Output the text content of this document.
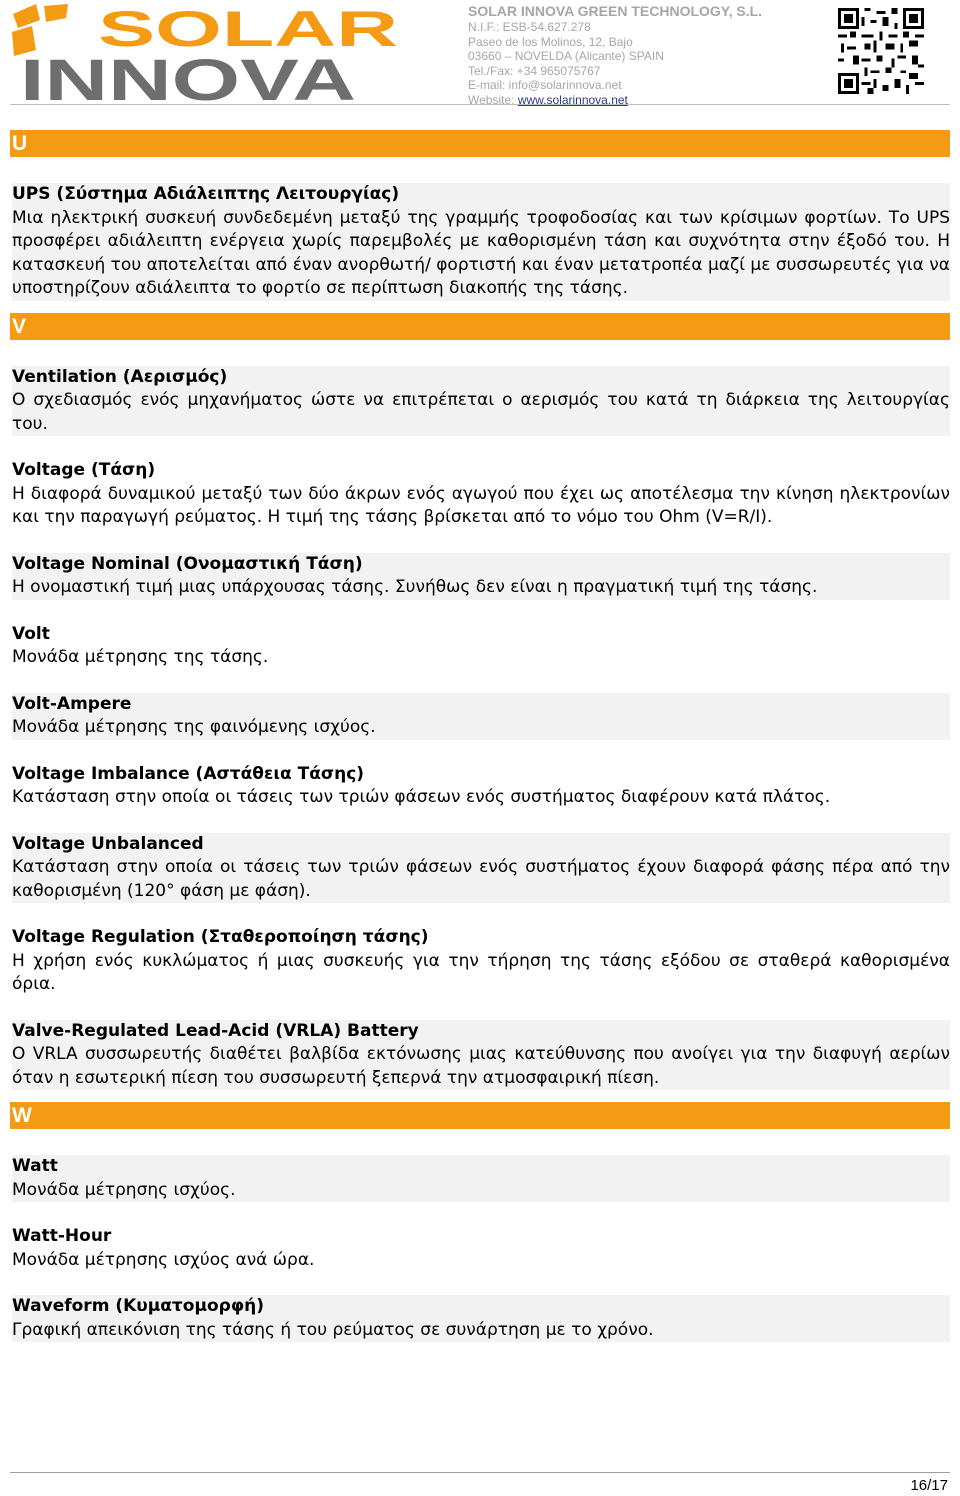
SOLAR
INNOVA
SOLAR INNOVA GREEN TECHNOLOGY, S.L.
N.I.F.: ESB-54.627.278
Paseo de los Molinos, 12, Bajo
03660 – NOVELDA (Alicante) SPAIN
Tel./Fax: +34 965075767
E-mail: info@solarinnova.net
Website: www.solarinnova.net
U
UPS (Σύστημα Αδιάλειπτης Λειτουργίας)
Μια ηλεκτρική συσκευή συνδεδεμένη μεταξύ της γραμμής τροφοδοσίας και των κρίσιμων φορτίων. Το UPS προσφέρει αδιάλειπτη ενέργεια χωρίς παρεμβολές με καθορισμένη τάση και συχνότητα στην έξοδό του. Η κατασκευή του αποτελείται από έναν ανορθωτή/ φορτιστή και έναν μετατροπέα μαζί με συσσωρευτές για να υποστηρίζουν αδιάλειπτα το φορτίο σε περίπτωση διακοπής της τάσης.
V
Ventilation (Αερισμός)
Ο σχεδιασμός ενός μηχανήματος ώστε να επιτρέπεται ο αερισμός του κατά τη διάρκεια της λειτουργίας του.
Voltage (Τάση)
Η διαφορά δυναμικού μεταξύ των δύο άκρων ενός αγωγού που έχει ως αποτέλεσμα την κίνηση ηλεκτρονίων και την παραγωγή ρεύματος. Η τιμή της τάσης βρίσκεται από το νόμο του Ohm (V=R/I).
Voltage Nominal (Ονομαστική Τάση)
Η ονομαστική τιμή μιας υπάρχουσας τάσης. Συνήθως δεν είναι η πραγματική τιμή της τάσης.
Volt
Μονάδα μέτρησης της τάσης.
Volt-Ampere
Μονάδα μέτρησης της φαινόμενης ισχύος.
Voltage Imbalance (Αστάθεια Τάσης)
Κατάσταση στην οποία οι τάσεις των τριών φάσεων ενός συστήματος διαφέρουν κατά πλάτος.
Voltage Unbalanced
Κατάσταση στην οποία οι τάσεις των τριών φάσεων ενός συστήματος έχουν διαφορά φάσης πέρα από την καθορισμένη (120° φάση με φάση).
Voltage Regulation (Σταθεροποίηση τάσης)
Η χρήση ενός κυκλώματος ή μιας συσκευής για την τήρηση της τάσης εξόδου σε σταθερά καθορισμένα όρια.
Valve-Regulated Lead-Acid (VRLA) Battery
Ο VRLA συσσωρευτής διαθέτει βαλβίδα εκτόνωσης μιας κατεύθυνσης που ανοίγει για την διαφυγή αερίων όταν η εσωτερική πίεση του συσσωρευτή ξεπερνά την ατμοσφαιρική πίεση.
W
Watt
Μονάδα μέτρησης ισχύος.
Watt-Hour
Μονάδα μέτρησης ισχύος ανά ώρα.
Waveform (Κυματομορφή)
Γραφική απεικόνιση της τάσης ή του ρεύματος σε συνάρτηση με το χρόνο.
16/17
